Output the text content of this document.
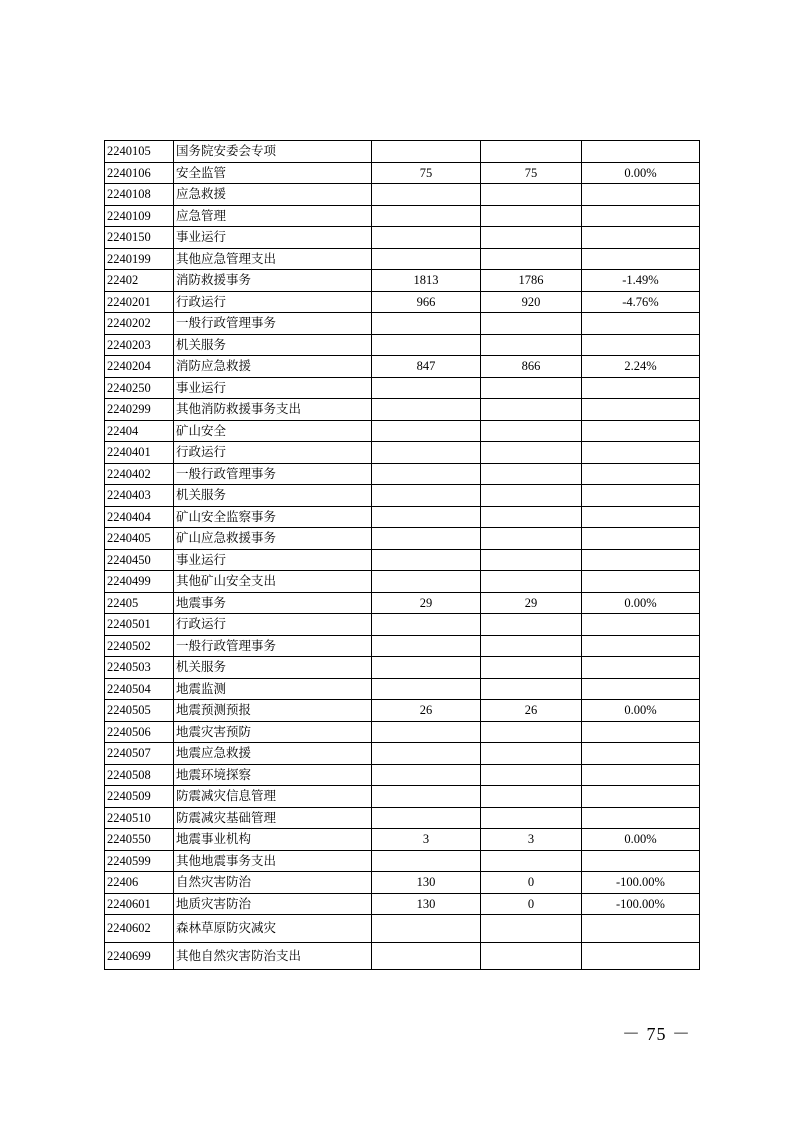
2240105	国务院安委会专项			
2240106	安全监管	75	75	0.00%
2240108	应急救援			
2240109	应急管理			
2240150	事业运行			
2240199	其他应急管理支出			
22402	消防救援事务	1813	1786	-1.49%
2240201	行政运行	966	920	-4.76%
2240202	一般行政管理事务			
2240203	机关服务			
2240204	消防应急救援	847	866	2.24%
2240250	事业运行			
2240299	其他消防救援事务支出			
22404	矿山安全			
2240401	行政运行			
2240402	一般行政管理事务			
2240403	机关服务			
2240404	矿山安全监察事务			
2240405	矿山应急救援事务			
2240450	事业运行			
2240499	其他矿山安全支出			
22405	地震事务	29	29	0.00%
2240501	行政运行			
2240502	一般行政管理事务			
2240503	机关服务			
2240504	地震监测			
2240505	地震预测预报	26	26	0.00%
2240506	地震灾害预防			
2240507	地震应急救援			
2240508	地震环境探察			
2240509	防震减灾信息管理			
2240510	防震减灾基础管理			
2240550	地震事业机构	3	3	0.00%
2240599	其他地震事务支出			
22406	自然灾害防治	130	0	-100.00%
2240601	地质灾害防治	130	0	-100.00%
2240602	森林草原防灾减灾			
2240699	其他自然灾害防治支出			
－ 75 －
